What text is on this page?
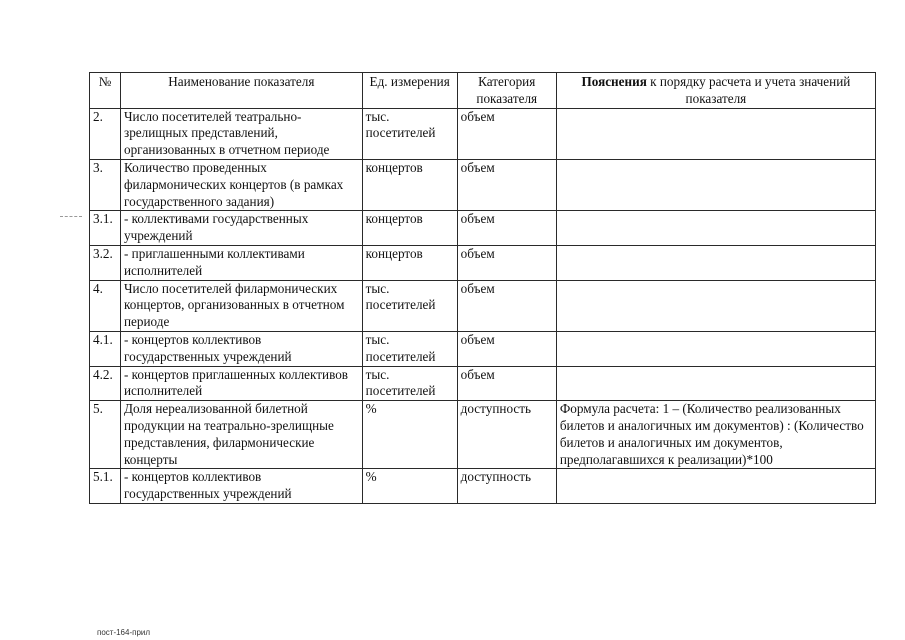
№	Наименование показателя	Ед. измерения	Категория показателя	Пояснения к порядку расчета и учета значений показателя
2.	Число посетителей театрально-зрелищных представлений, организованных в отчетном периоде	тыс. посетителей	объем	
3.	Количество проведенных филармонических концертов (в рамках государственного задания)	концертов	объем	
3.1.	- коллективами государственных учреждений	концертов	объем	
3.2.	- приглашенными коллективами исполнителей	концертов	объем	
4.	Число посетителей филармонических концертов, организованных в отчетном периоде	тыс. посетителей	объем	
4.1.	- концертов коллективов государственных учреждений	тыс. посетителей	объем	
4.2.	- концертов приглашенных коллективов исполнителей	тыс. посетителей	объем	
5.	Доля нереализованной билетной продукции на театрально-зрелищные представления, филармонические концерты	%	доступность	Формула расчета: 1 – (Количество реализованных билетов и аналогичных им документов) : (Количество билетов и аналогичных им документов, предполагавшихся к реализации)*100
5.1.	- концертов коллективов государственных учреждений	%	доступность	
пост-164-прил
